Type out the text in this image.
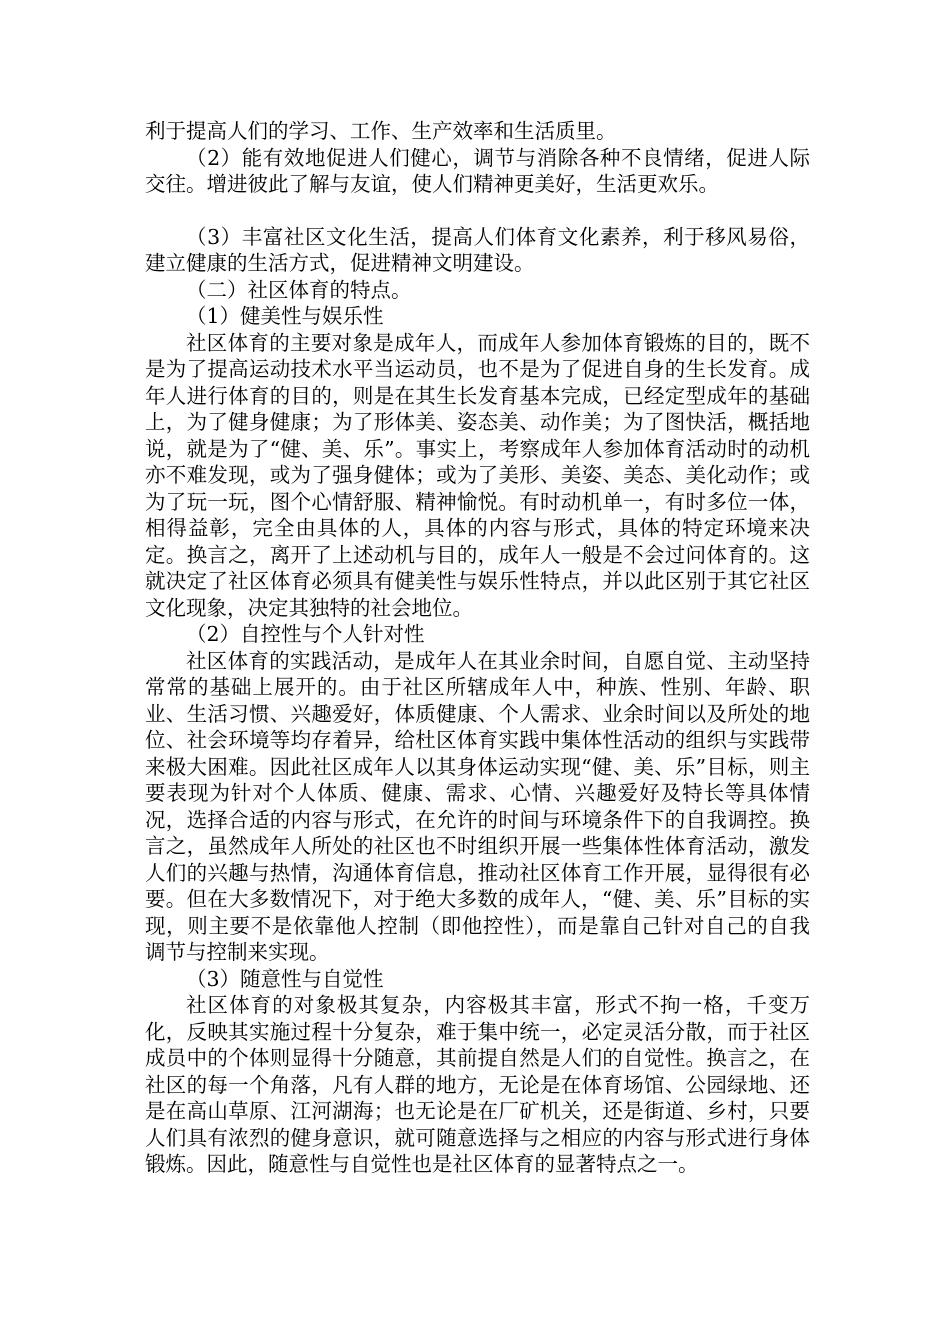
利于提高人们的学习、工作、生产效率和生活质里。

（2）能有效地促进人们健心，调节与消除各种不良情绪，促进人际交往。增进彼此了解与友谊，使人们精神更美好，生活更欢乐。

（3）丰富社区文化生活，提高人们体育文化素养，利于移风易俗，建立健康的生活方式，促进精神文明建设。

（二）社区体育的特点。

（1）健美性与娱乐性

社区体育的主要对象是成年人，而成年人参加体育锻炼的目的，既不是为了提高运动技术水平当运动员，也不是为了促进自身的生长发育。成年人进行体育的目的，则是在其生长发育基本完成，已经定型成年的基础上，为了健身健康；为了形体美、姿态美、动作美；为了图快活，概括地说，就是为了“健、美、乐”。事实上，考察成年人参加体育活动时的动机亦不难发现，或为了强身健体；或为了美形、美姿、美态、美化动作；或为了玩一玩，图个心情舒服、精神愉悦。有时动机单一，有时多位一体，相得益彰，完全由具体的人，具体的内容与形式，具体的特定环境来决定。换言之，离开了上述动机与目的，成年人一般是不会过问体育的。这就决定了社区体育必须具有健美性与娱乐性特点，并以此区别于其它社区文化现象，决定其独特的社会地位。

（2）自控性与个人针对性

社区体育的实践活动，是成年人在其业余时间，自愿自觉、主动坚持常常的基础上展开的。由于社区所辖成年人中，种族、性别、年龄、职业、生活习惯、兴趣爱好，体质健康、个人需求、业余时间以及所处的地位、社会环境等均存着异，给杜区体育实践中集体性活动的组织与实践带来极大困难。因此社区成年人以其身体运动实现“健、美、乐”目标，则主要表现为针对个人体质、健康、需求、心情、兴趣爱好及特长等具体情况，选择合适的内容与形式，在允许的时间与环境条件下的自我调控。换言之，虽然成年人所处的社区也不时组织开展一些集体性体育活动，激发人们的兴趣与热情，沟通体育信息，推动社区体育工作开展，显得很有必要。但在大多数情况下，对于绝大多数的成年人，“健、美、乐”目标的实现，则主要不是依靠他人控制（即他控性），而是靠自己针对自己的自我调节与控制来实现。

（3）随意性与自觉性

社区体育的对象极其复杂，内容极其丰富，形式不拘一格，千变万化，反映其实施过程十分复杂，难于集中统一，必定灵活分散，而于社区成员中的个体则显得十分随意，其前提自然是人们的自觉性。换言之，在社区的每一个角落，凡有人群的地方，无论是在体育场馆、公园绿地、还是在高山草原、江河湖海；也无论是在厂矿机关，还是街道、乡村，只要人们具有浓烈的健身意识，就可随意选择与之相应的内容与形式进行身体锻炼。因此，随意性与自觉性也是社区体育的显著特点之一。
